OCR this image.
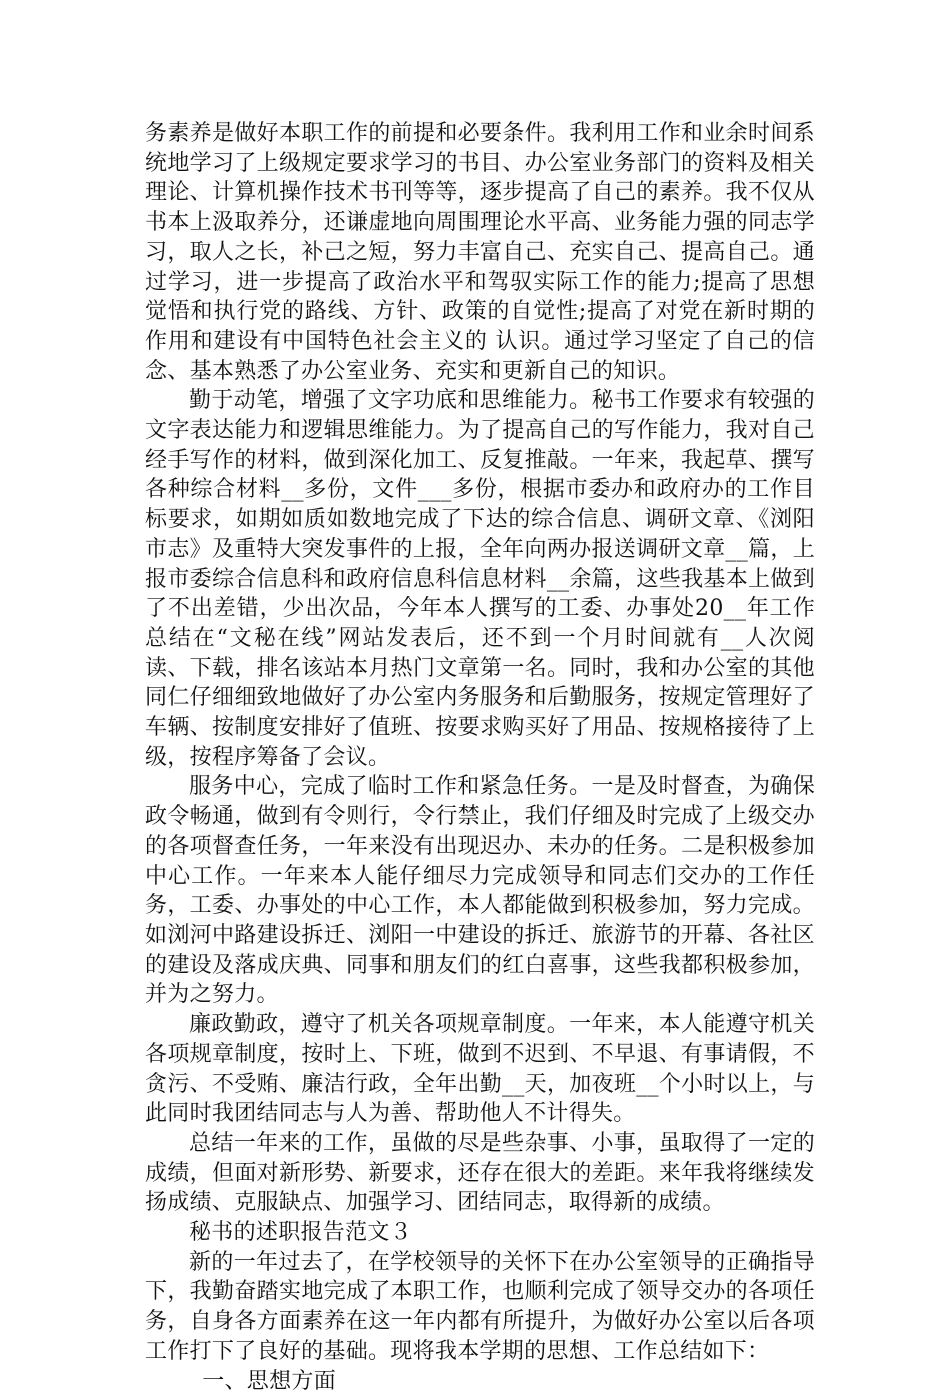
务素养是做好本职工作的前提和必要条件。我利用工作和业余时间系统地学习了上级规定要求学习的书目、办公室业务部门的资料及相关理论、计算机操作技术书刊等等，逐步提高了自己的素养。我不仅从书本上汲取养分，还谦虚地向周围理论水平高、业务能力强的同志学习，取人之长，补己之短，努力丰富自己、充实自己、提高自己。通过学习，进一步提高了政治水平和驾驭实际工作的能力;提高了思想觉悟和执行党的路线、方针、政策的自觉性;提高了对党在新时期的作用和建设有中国特色社会主义的 认识。通过学习坚定了自己的信念、基本熟悉了办公室业务、充实和更新自己的知识。

勤于动笔，增强了文字功底和思维能力。秘书工作要求有较强的文字表达能力和逻辑思维能力。为了提高自己的写作能力，我对自己经手写作的材料，做到深化加工、反复推敲。一年来，我起草、撰写各种综合材料__多份，文件___多份，根据市委办和政府办的工作目标要求，如期如质如数地完成了下达的综合信息、调研文章、《浏阳市志》及重特大突发事件的上报，全年向两办报送调研文章__篇，上报市委综合信息科和政府信息科信息材料__余篇，这些我基本上做到了不出差错，少出次品，今年本人撰写的工委、办事处20__年工作总结在“文秘在线”网站发表后，还不到一个月时间就有__人次阅读、下载，排名该站本月热门文章第一名。同时，我和办公室的其他同仁仔细细致地做好了办公室内务服务和后勤服务，按规定管理好了车辆、按制度安排好了值班、按要求购买好了用品、按规格接待了上级，按程序筹备了会议。

服务中心，完成了临时工作和紧急任务。一是及时督查，为确保政令畅通，做到有令则行，令行禁止，我们仔细及时完成了上级交办的各项督查任务，一年来没有出现迟办、未办的任务。二是积极参加中心工作。一年来本人能仔细尽力完成领导和同志们交办的工作任务，工委、办事处的中心工作，本人都能做到积极参加，努力完成。如浏河中路建设拆迁、浏阳一中建设的拆迁、旅游节的开幕、各社区的建设及落成庆典、同事和朋友们的红白喜事，这些我都积极参加，并为之努力。

廉政勤政，遵守了机关各项规章制度。一年来，本人能遵守机关各项规章制度，按时上、下班，做到不迟到、不早退、有事请假，不贪污、不受贿、廉洁行政，全年出勤__天，加夜班__个小时以上，与此同时我团结同志与人为善、帮助他人不计得失。

总结一年来的工作，虽做的尽是些杂事、小事，虽取得了一定的成绩，但面对新形势、新要求，还存在很大的差距。来年我将继续发扬成绩、克服缺点、加强学习、团结同志，取得新的成绩。

秘书的述职报告范文３

新的一年过去了，在学校领导的关怀下在办公室领导的正确指导下，我勤奋踏实地完成了本职工作，也顺利完成了领导交办的各项任务，自身各方面素养在这一年内都有所提升，为做好办公室以后各项工作打下了良好的基础。现将我本学期的思想、工作总结如下：

一、思想方面
